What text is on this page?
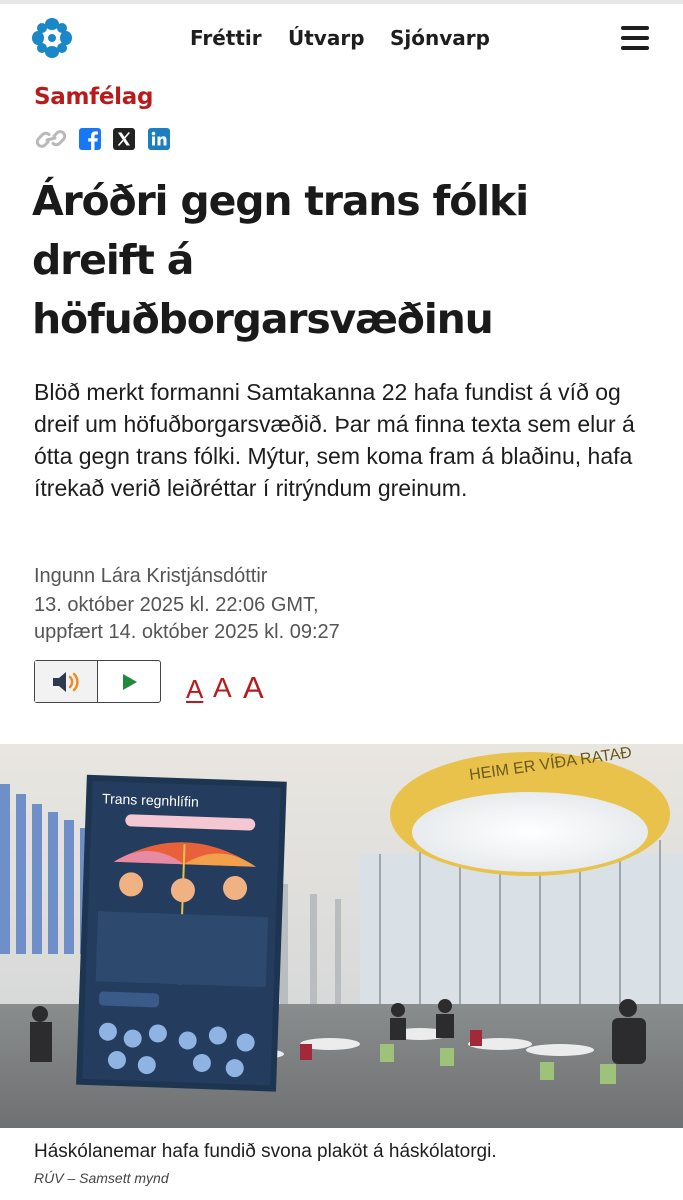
Fréttir Útvarp Sjónvarp
Samfélag
Áróðri gegn trans fólki
dreift á
höfuðborgarsvæðinu

Blöð merkt formanni Samtakanna 22 hafa fundist á víð og dreif um höfuðborgarsvæðið. Þar má finna texta sem elur á ótta gegn trans fólki. Mýtur, sem koma fram á blaðinu, hafa ítrekað verið leiðréttar í ritrýndum greinum.

Ingunn Lára Kristjánsdóttir
13. október 2025 kl. 22:06 GMT,
uppfært 14. október 2025 kl. 09:27
A A A
HEIM ER VÍÐA RATAÐ
Trans regnhlífin

Háskólanemar hafa fundið svona plaköt á háskólatorgi.

RÚV – Samsett mynd
